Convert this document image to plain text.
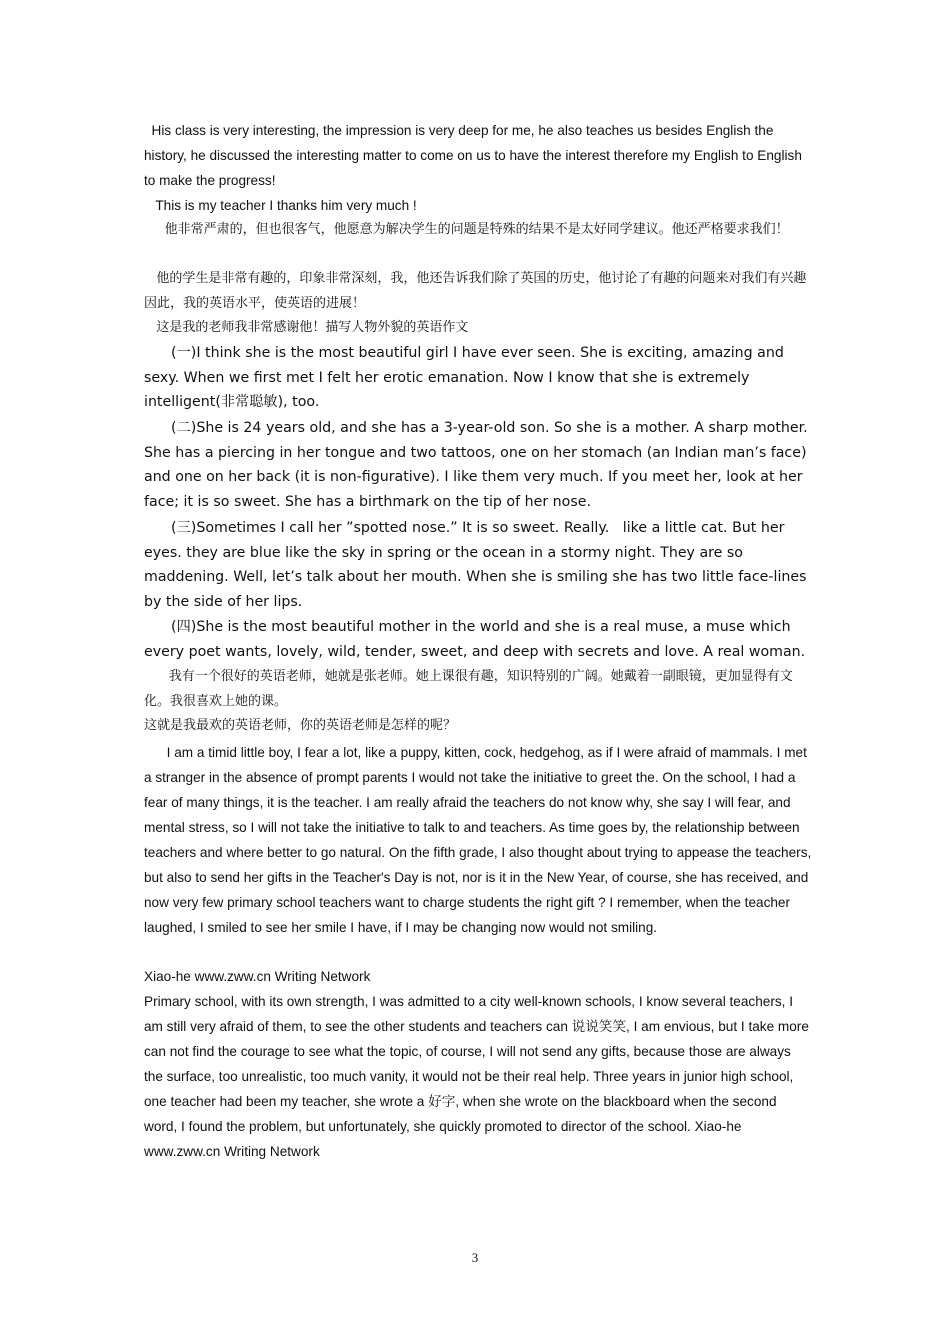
His class is very interesting, the impression is very deep for me, he also teaches us besides English the history, he discussed the interesting matter to come on us to have the interest therefore my English to English to make the progress!

This is my teacher I thanks him very much !

他非常严肃的，但也很客气，他愿意为解决学生的问题是特殊的结果不是太好同学建议。他还严格要求我们！

他的学生是非常有趣的，印象非常深刻，我，他还告诉我们除了英国的历史，他讨论了有趣的问题来对我们有兴趣因此，我的英语水平，使英语的进展！

这是我的老师我非常感谢他！描写人物外貌的英语作文

(一)I think she is the most beautiful girl I have ever seen. She is exciting, amazing and sexy. When we first met I felt her erotic emanation. Now I know that she is extremely intelligent(非常聪敏), too.

(二)She is 24 years old, and she has a 3-year-old son. So she is a mother. A sharp mother. She has a piercing in her tongue and two tattoos, one on her stomach (an Indian man’s face) and one on her back (it is non-figurative). I like them very much. If you meet her, look at her face; it is so sweet. She has a birthmark on the tip of her nose.

(三)Sometimes I call her ”spotted nose.” It is so sweet. Really.   like a little cat. But her eyes. they are blue like the sky in spring or the ocean in a stormy night. They are so maddening. Well, let’s talk about her mouth. When she is smiling she has two little face-lines by the side of her lips.

(四)She is the most beautiful mother in the world and she is a real muse, a muse which every poet wants, lovely, wild, tender, sweet, and deep with secrets and love. A real woman.

我有一个很好的英语老师，她就是张老师。她上课很有趣，知识特别的广阔。她戴着一副眼镜，更加显得有文化。我很喜欢上她的课。

这就是我最欢的英语老师，你的英语老师是怎样的呢？

I am a timid little boy, I fear a lot, like a puppy, kitten, cock, hedgehog, as if I were afraid of mammals. I met a stranger in the absence of prompt parents I would not take the initiative to greet the. On the school, I had a fear of many things, it is the teacher. I am really afraid the teachers do not know why, she say I will fear, and mental stress, so I will not take the initiative to talk to and teachers. As time goes by, the relationship between teachers and where better to go natural. On the fifth grade, I also thought about trying to appease the teachers, but also to send her gifts in the Teacher's Day is not, nor is it in the New Year, of course, she has received, and now very few primary school teachers want to charge students the right gift ? I remember, when the teacher laughed, I smiled to see her smile I have, if I may be changing now would not smiling.

Xiao-he www.zww.cn Writing Network

Primary school, with its own strength, I was admitted to a city well-known schools, I know several teachers, I am still very afraid of them, to see the other students and teachers can 说说笑笑, I am envious, but I take more can not find the courage to see what the topic, of course, I will not send any gifts, because those are always the surface, too unrealistic, too much vanity, it would not be their real help. Three years in junior high school, one teacher had been my teacher, she wrote a 好字, when she wrote on the blackboard when the second word, I found the problem, but unfortunately, she quickly promoted to director of the school. Xiao-he www.zww.cn Writing Network

3
